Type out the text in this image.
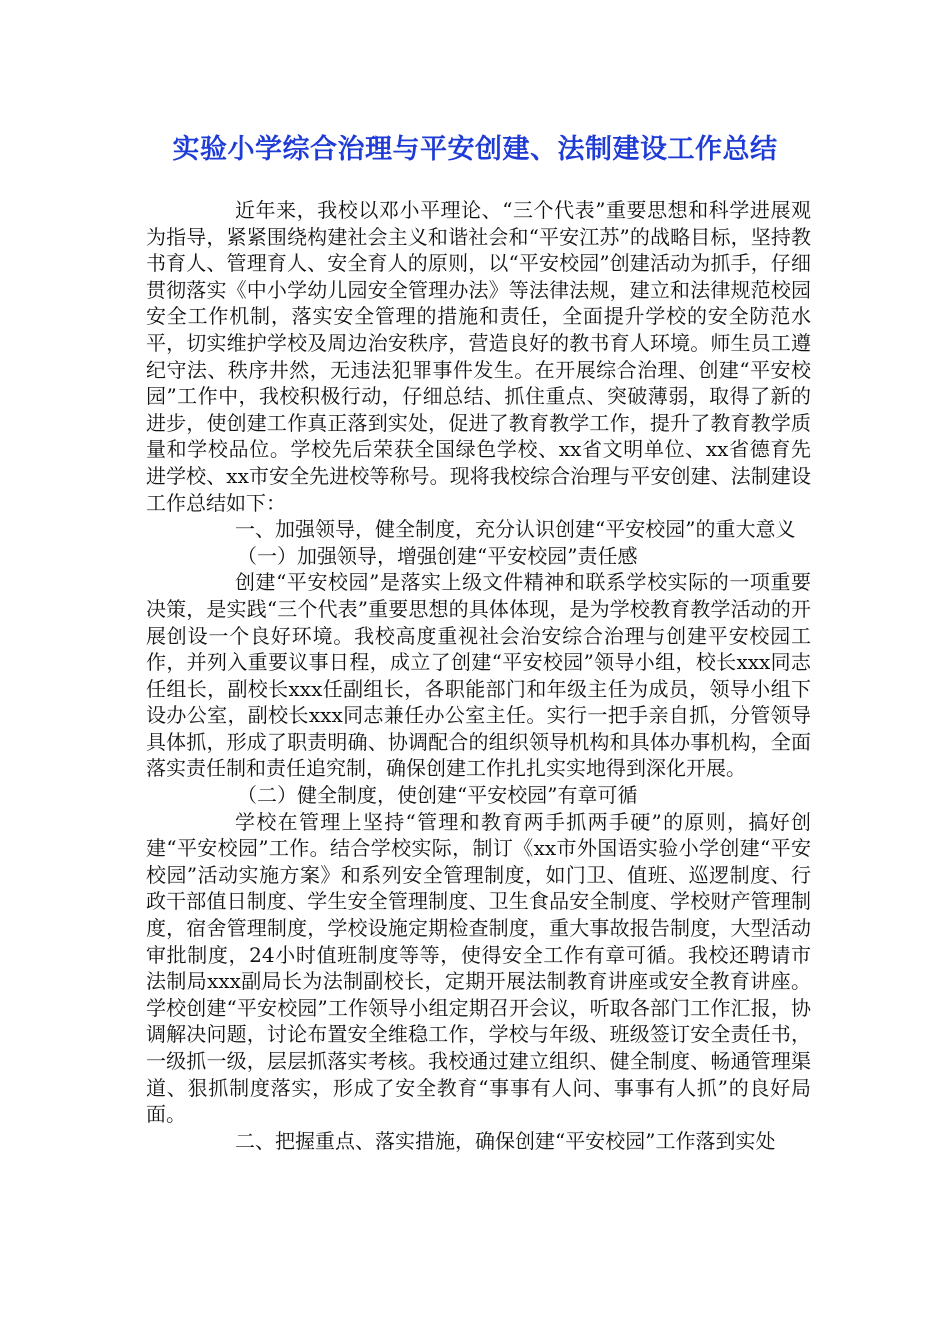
实验小学综合治理与平安创建、法制建设工作总结

近年来，我校以邓小平理论、“三个代表”重要思想和科学进展观为指导，紧紧围绕构建社会主义和谐社会和“平安江苏”的战略目标，坚持教书育人、管理育人、安全育人的原则，以“平安校园”创建活动为抓手，仔细贯彻落实《中小学幼儿园安全管理办法》等法律法规，建立和法律规范校园安全工作机制，落实安全管理的措施和责任，全面提升学校的安全防范水平，切实维护学校及周边治安秩序，营造良好的教书育人环境。师生员工遵纪守法、秩序井然，无违法犯罪事件发生。在开展综合治理、创建“平安校园”工作中，我校积极行动，仔细总结、抓住重点、突破薄弱，取得了新的进步，使创建工作真正落到实处，促进了教育教学工作，提升了教育教学质量和学校品位。学校先后荣获全国绿色学校、xx省文明单位、xx省德育先进学校、xx市安全先进校等称号。现将我校综合治理与平安创建、法制建设工作总结如下：

一、加强领导，健全制度，充分认识创建“平安校园”的重大意义

（一）加强领导，增强创建“平安校园”责任感

创建“平安校园”是落实上级文件精神和联系学校实际的一项重要决策，是实践“三个代表”重要思想的具体体现，是为学校教育教学活动的开展创设一个良好环境。我校高度重视社会治安综合治理与创建平安校园工作，并列入重要议事日程，成立了创建“平安校园”领导小组，校长xxx同志任组长，副校长xxx任副组长，各职能部门和年级主任为成员，领导小组下设办公室，副校长xxx同志兼任办公室主任。实行一把手亲自抓，分管领导具体抓，形成了职责明确、协调配合的组织领导机构和具体办事机构，全面落实责任制和责任追究制，确保创建工作扎扎实实地得到深化开展。

（二）健全制度，使创建“平安校园”有章可循

学校在管理上坚持“管理和教育两手抓两手硬”的原则，搞好创建“平安校园”工作。结合学校实际，制订《xx市外国语实验小学创建“平安校园”活动实施方案》和系列安全管理制度，如门卫、值班、巡逻制度、行政干部值日制度、学生安全管理制度、卫生食品安全制度、学校财产管理制度，宿舍管理制度，学校设施定期检查制度，重大事故报告制度，大型活动审批制度，24小时值班制度等等，使得安全工作有章可循。我校还聘请市法制局xxx副局长为法制副校长，定期开展法制教育讲座或安全教育讲座。学校创建“平安校园”工作领导小组定期召开会议，听取各部门工作汇报，协调解决问题，讨论布置安全维稳工作，学校与年级、班级签订安全责任书，一级抓一级，层层抓落实考核。我校通过建立组织、健全制度、畅通管理渠道、狠抓制度落实，形成了安全教育“事事有人问、事事有人抓”的良好局面。

二、把握重点、落实措施，确保创建“平安校园”工作落到实处
